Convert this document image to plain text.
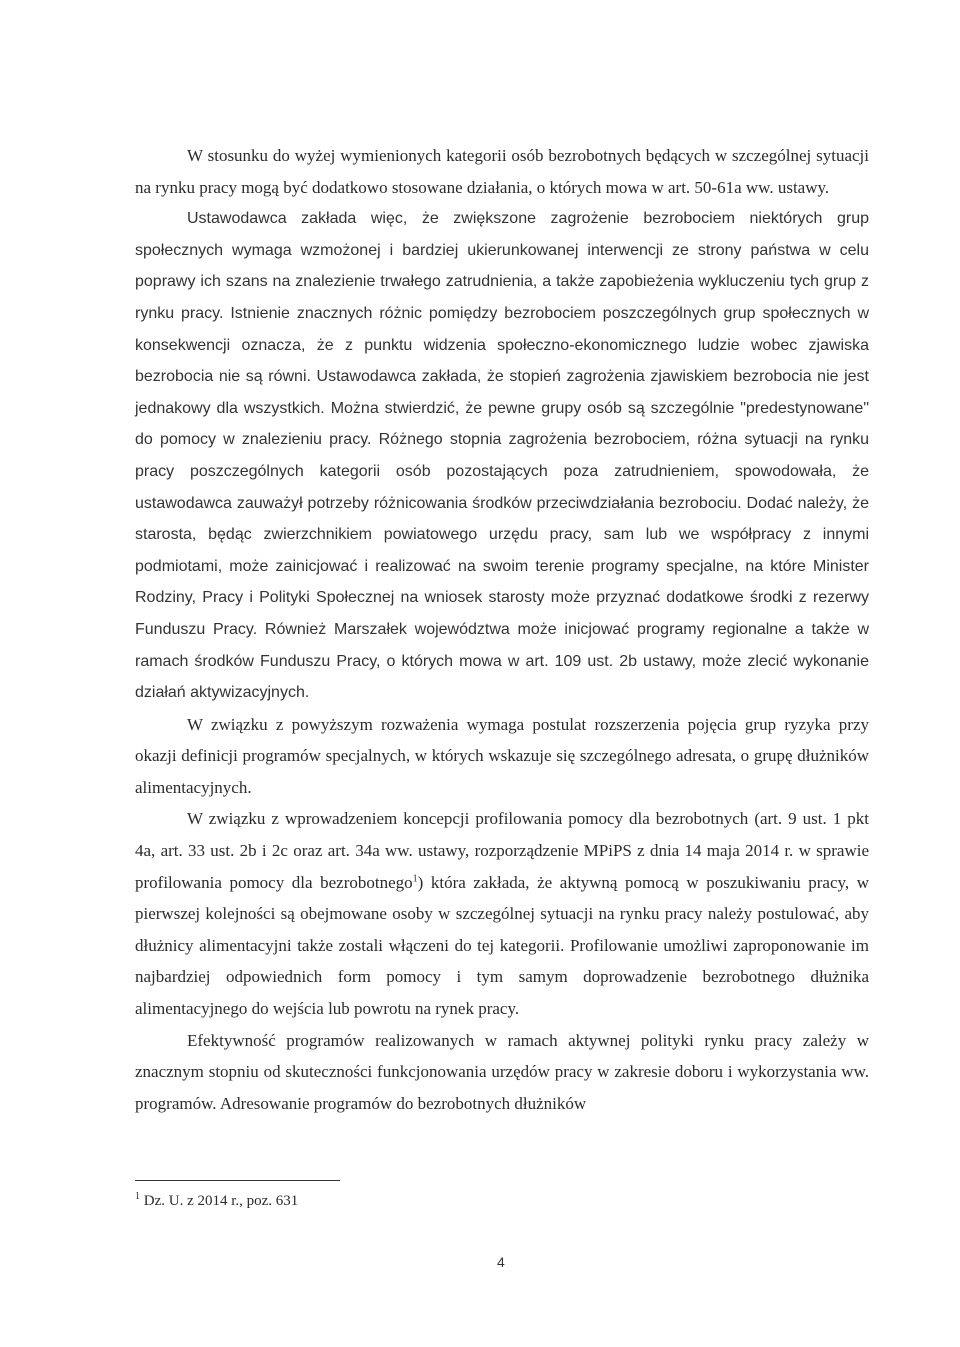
W stosunku do wyżej wymienionych kategorii osób bezrobotnych będących w szczególnej sytuacji na rynku pracy mogą być dodatkowo stosowane działania, o których mowa w art. 50-61a ww. ustawy.

Ustawodawca zakłada więc, że zwiększone zagrożenie bezrobociem niektórych grup społecznych wymaga wzmożonej i bardziej ukierunkowanej interwencji ze strony państwa w celu poprawy ich szans na znalezienie trwałego zatrudnienia, a także zapobieżenia wykluczeniu tych grup z rynku pracy. Istnienie znacznych różnic pomiędzy bezrobociem poszczególnych grup społecznych w konsekwencji oznacza, że z punktu widzenia społeczno-ekonomicznego ludzie wobec zjawiska bezrobocia nie są równi. Ustawodawca zakłada, że stopień zagrożenia zjawiskiem bezrobocia nie jest jednakowy dla wszystkich. Można stwierdzić, że pewne grupy osób są szczególnie "predestynowane" do pomocy w znalezieniu pracy. Różnego stopnia zagrożenia bezrobociem, różna sytuacji na rynku pracy poszczególnych kategorii osób pozostających poza zatrudnieniem, spowodowała, że ustawodawca zauważył potrzeby różnicowania środków przeciwdziałania bezrobociu. Dodać należy, że starosta, będąc zwierzchnikiem powiatowego urzędu pracy, sam lub we współpracy z innymi podmiotami, może zainicjować i realizować na swoim terenie programy specjalne, na które Minister Rodziny, Pracy i Polityki Społecznej na wniosek starosty może przyznać dodatkowe środki z rezerwy Funduszu Pracy. Również Marszałek województwa może inicjować programy regionalne a także w ramach środków Funduszu Pracy, o których mowa w art. 109 ust. 2b ustawy, może zlecić wykonanie działań aktywizacyjnych.

W związku z powyższym rozważenia wymaga postulat rozszerzenia pojęcia grup ryzyka przy okazji definicji programów specjalnych, w których wskazuje się szczególnego adresata, o grupę dłużników alimentacyjnych.

W związku z wprowadzeniem koncepcji profilowania pomocy dla bezrobotnych (art. 9 ust. 1 pkt 4a, art. 33 ust. 2b i 2c oraz art. 34a ww. ustawy, rozporządzenie MPiPS z dnia 14 maja 2014 r. w sprawie profilowania pomocy dla bezrobotnego$^1$) która zakłada, że aktywną pomocą w poszukiwaniu pracy, w pierwszej kolejności są obejmowane osoby w szczególnej sytuacji na rynku pracy należy postulować, aby dłużnicy alimentacyjni także zostali włączeni do tej kategorii. Profilowanie umożliwi zaproponowanie im najbardziej odpowiednich form pomocy i tym samym doprowadzenie bezrobotnego dłużnika alimentacyjnego do wejścia lub powrotu na rynek pracy.

Efektywność programów realizowanych w ramach aktywnej polityki rynku pracy zależy w znacznym stopniu od skuteczności funkcjonowania urzędów pracy w zakresie doboru i wykorzystania ww. programów. Adresowanie programów do bezrobotnych dłużników

$^1$ Dz. U. z 2014 r., poz. 631
4
